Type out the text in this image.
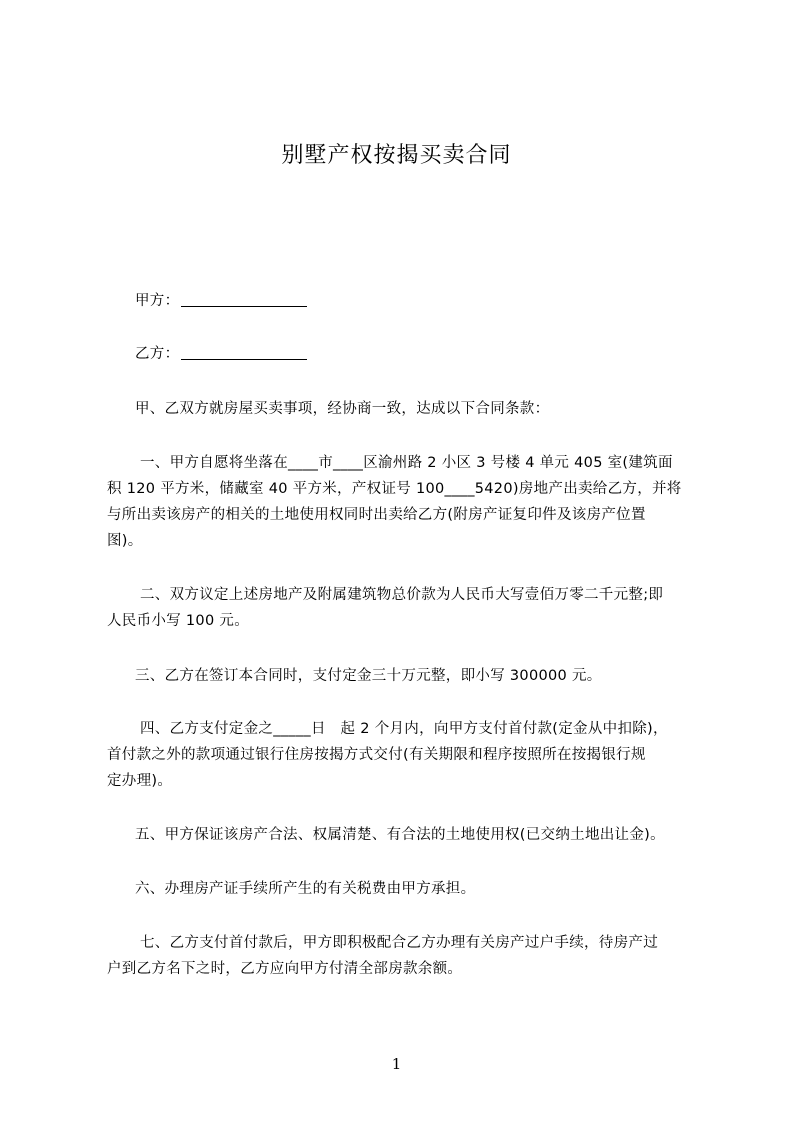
别墅产权按揭买卖合同
甲方：
乙方：
甲、乙双方就房屋买卖事项，经协商一致，达成以下合同条款：
一、甲方自愿将坐落在____市____区渝州路 2 小区 3 号楼 4 单元 405 室(建筑面
积 120 平方米，储藏室 40 平方米，产权证号 100____5420)房地产出卖给乙方，并将
与所出卖该房产的相关的土地使用权同时出卖给乙方(附房产证复印件及该房产位置
图)。
二、双方议定上述房地产及附属建筑物总价款为人民币大写壹佰万零二千元整;即
人民币小写 100 元。
三、乙方在签订本合同时，支付定金三十万元整，即小写 300000 元。
四、乙方支付定金之_____日　起 2 个月内，向甲方支付首付款(定金从中扣除)，
首付款之外的款项通过银行住房按揭方式交付(有关期限和程序按照所在按揭银行规
定办理)。
五、甲方保证该房产合法、权属清楚、有合法的土地使用权(已交纳土地出让金)。
六、办理房产证手续所产生的有关税费由甲方承担。
七、乙方支付首付款后，甲方即积极配合乙方办理有关房产过户手续，待房产过
户到乙方名下之时，乙方应向甲方付清全部房款余额。
1
